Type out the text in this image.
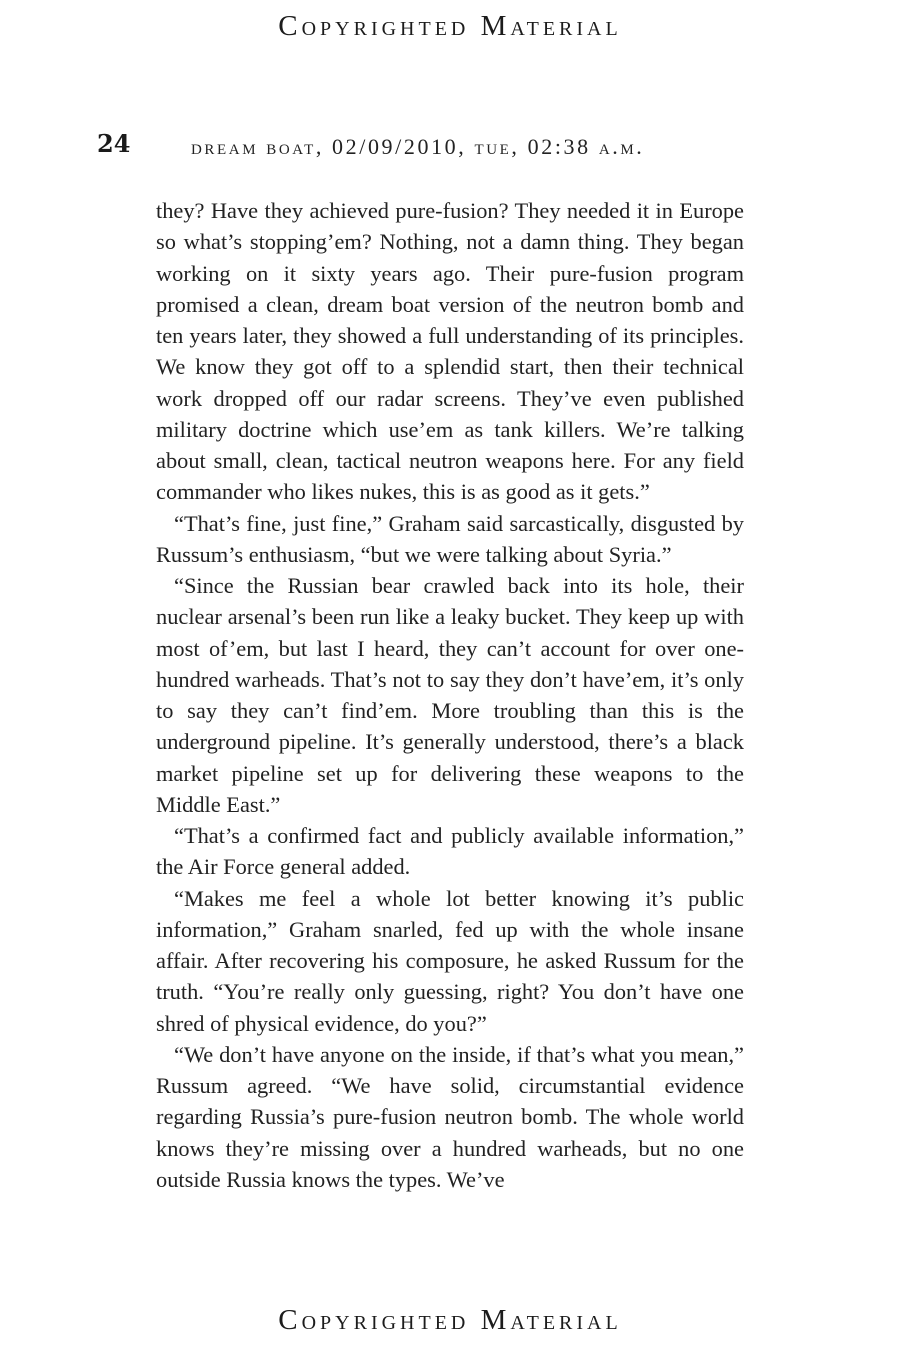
Copyrighted Material
24	dream boat, 02/09/2010, tue, 02:38 a.m.

they? Have they achieved pure-fusion? They needed it in Europe so what’s stopping’em? Nothing, not a damn thing. They began working on it sixty years ago. Their pure-fusion program promised a clean, dream boat version of the neutron bomb and ten years later, they showed a full understanding of its principles. We know they got off to a splendid start, then their technical work dropped off our radar screens. They’ve even published military doctrine which use’em as tank killers. We’re talking about small, clean, tactical neutron weapons here. For any field commander who likes nukes, this is as good as it gets.”

“That’s fine, just fine,” Graham said sarcastically, disgusted by Russum’s enthusiasm, “but we were talking about Syria.”

“Since the Russian bear crawled back into its hole, their nuclear arsenal’s been run like a leaky bucket. They keep up with most of’em, but last I heard, they can’t account for over one-hundred warheads. That’s not to say they don’t have’em, it’s only to say they can’t find’em. More troubling than this is the underground pipeline. It’s generally understood, there’s a black market pipeline set up for delivering these weapons to the Middle East.”

“That’s a confirmed fact and publicly available information,” the Air Force general added.

“Makes me feel a whole lot better knowing it’s public information,” Graham snarled, fed up with the whole insane affair. After recovering his composure, he asked Russum for the truth. “You’re really only guessing, right? You don’t have one shred of physical evidence, do you?”

“We don’t have anyone on the inside, if that’s what you mean,” Russum agreed. “We have solid, circumstantial evidence regarding Russia’s pure-fusion neutron bomb. The whole world knows they’re missing over a hundred warheads, but no one outside Russia knows the types. We’ve

Copyrighted Material
